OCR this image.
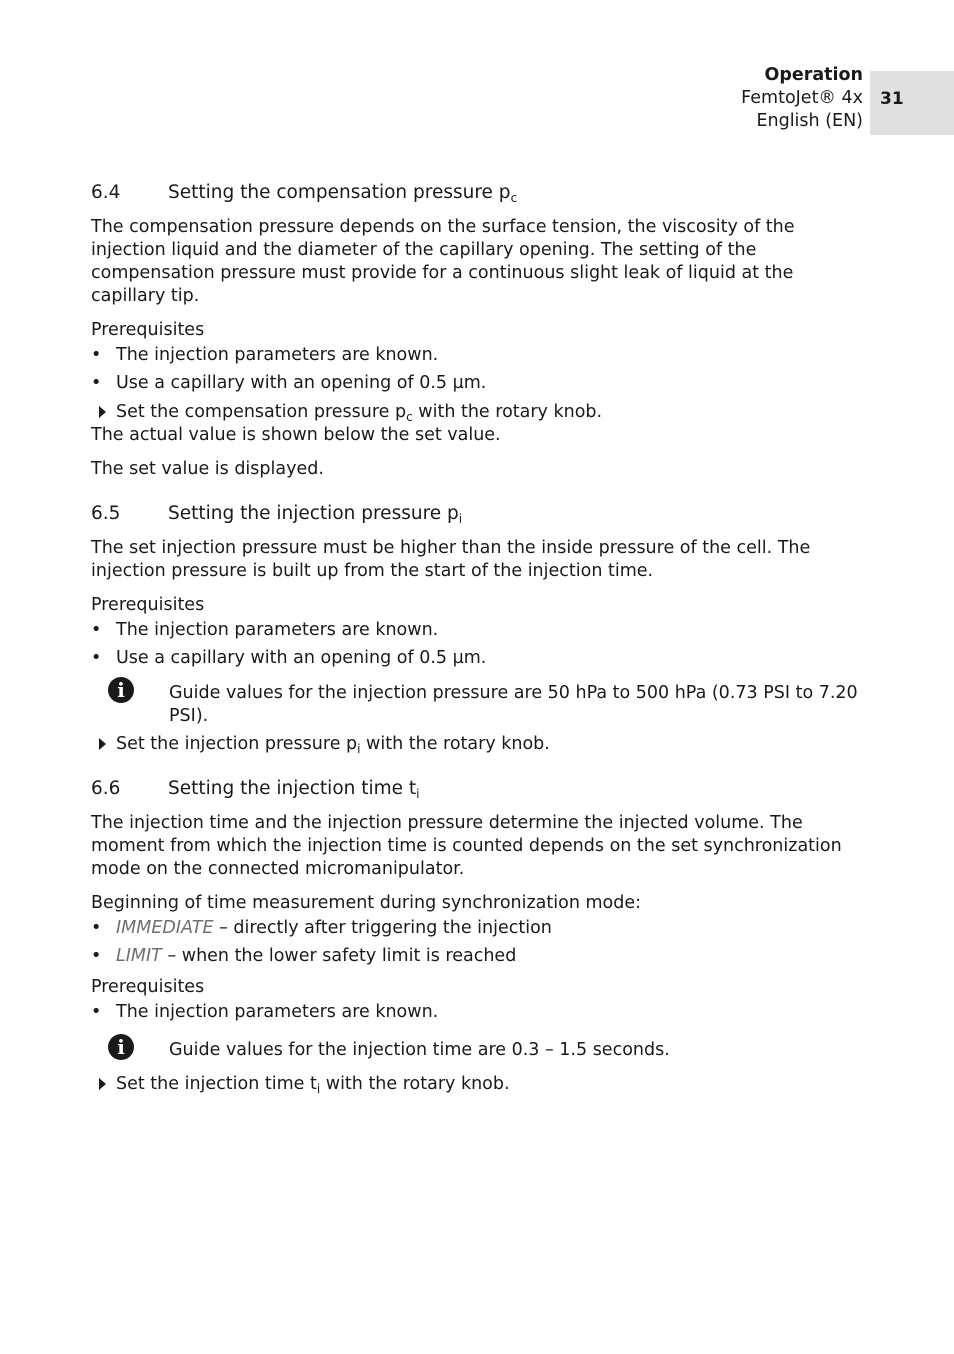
Operation
FemtoJet® 4x
English (EN)
31
6.4	Setting the compensation pressure $p_c$

The compensation pressure depends on the surface tension, the viscosity of the injection liquid and the diameter of the capillary opening. The setting of the compensation pressure must provide for a continuous slight leak of liquid at the capillary tip.

Prerequisites

• The injection parameters are known.
• Use a capillary with an opening of 0.5 µm.
Set the compensation pressure $p_c$ with the rotary knob.

The actual value is shown below the set value.

The set value is displayed.

6.5	Setting the injection pressure $p_i$

The set injection pressure must be higher than the inside pressure of the cell. The injection pressure is built up from the start of the injection time.

Prerequisites

• The injection parameters are known.
• Use a capillary with an opening of 0.5 µm.
i	Guide values for the injection pressure are 50 hPa to 500 hPa (0.73 PSI to 7.20 PSI).
Set the injection pressure $p_i$ with the rotary knob.
6.6	Setting the injection time $t_i$

The injection time and the injection pressure determine the injected volume. The moment from which the injection time is counted depends on the set synchronization mode on the connected micromanipulator.

Beginning of time measurement during synchronization mode:

• IMMEDIATE – directly after triggering the injection
• LIMIT – when the lower safety limit is reached

Prerequisites

• The injection parameters are known.
i	Guide values for the injection time are 0.3 – 1.5 seconds.
Set the injection time $t_i$ with the rotary knob.
